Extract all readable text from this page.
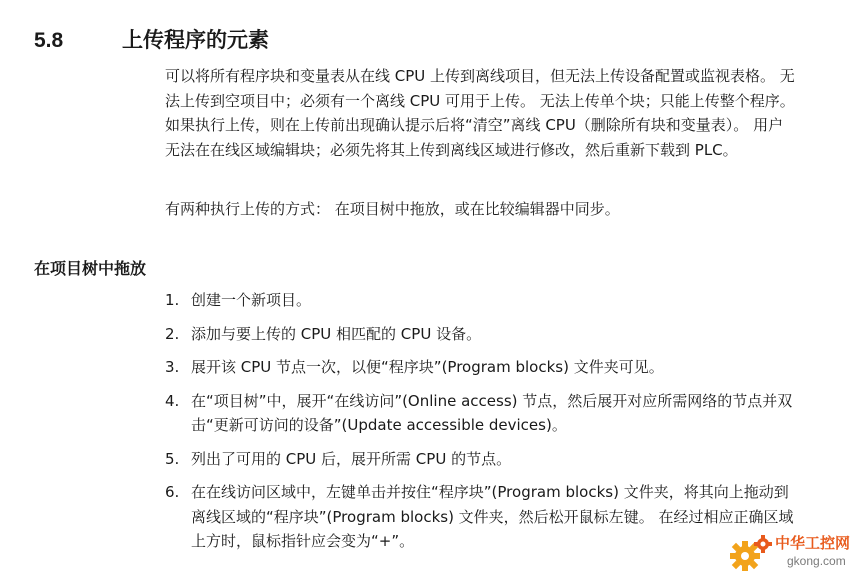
5.8	上传程序的元素

可以将所有程序块和变量表从在线 CPU 上传到离线项目，但无法上传设备配置或监视表格。 无法上传到空项目中；必须有一个离线 CPU 可用于上传。 无法上传单个块；只能上传整个程序。 如果执行上传，则在上传前出现确认提示后将“清空”离线 CPU（删除所有块和变量表）。 用户无法在在线区域编辑块；必须先将其上传到离线区域进行修改，然后重新下载到 PLC。

有两种执行上传的方式： 在项目树中拖放，或在比较编辑器中同步。

在项目树中拖放
1. 创建一个新项目。
2. 添加与要上传的 CPU 相匹配的 CPU 设备。
3. 展开该 CPU 节点一次，以便“程序块”(Program blocks) 文件夹可见。
4. 在“项目树”中，展开“在线访问”(Online access) 节点，然后展开对应所需网络的节点并双击“更新可访问的设备”(Update accessible devices)。
5. 列出了可用的 CPU 后，展开所需 CPU 的节点。
6. 在在线访问区域中，左键单击并按住“程序块”(Program blocks) 文件夹，将其向上拖动到离线区域的“程序块”(Program blocks) 文件夹，然后松开鼠标左键。 在经过相应正确区域上方时，鼠标指针应会变为“+”。	中华工控网
gkong.com
